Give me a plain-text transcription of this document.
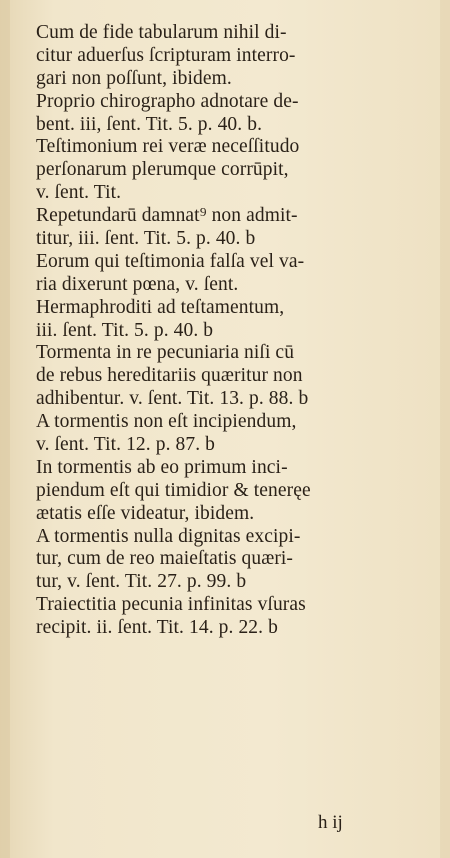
Cum de fide tabularum nihil di-
citur aduerſus ſcripturam interro-
gari non poſſunt, ibidem.
Proprio chirographo adnotare de-
bent. iii, ſent. Tit. 5. p. 40. b.
Teſtimonium rei veræ neceſſitudo
perſonarum plerumque corrūpit,
v. ſent. Tit.
Repetundarū damnat⁹ non admit-
titur, iii. ſent. Tit. 5. p. 40. b
Eorum qui teſtimonia falſa vel va-
ria dixerunt pœna, v. ſent.
Hermaphroditi ad teſtamentum,
iii. ſent. Tit. 5. p. 40. b
Tormenta in re pecuniaria niſi cū
de rebus hereditariis quæritur non
adhibentur. v. ſent. Tit. 13. p. 88. b
A tormentis non eſt incipiendum,
v. ſent. Tit. 12. p. 87. b
In tormentis ab eo primum inci-
piendum eſt qui timidior & teneręe
ætatis eſſe videatur, ibidem.
A tormentis nulla dignitas excipi-
tur, cum de reo maieſtatis quæri-
tur, v. ſent. Tit. 27. p. 99. b
Traiectitia pecunia infinitas vſuras
recipit. ii. ſent. Tit. 14. p. 22. b
h ij
